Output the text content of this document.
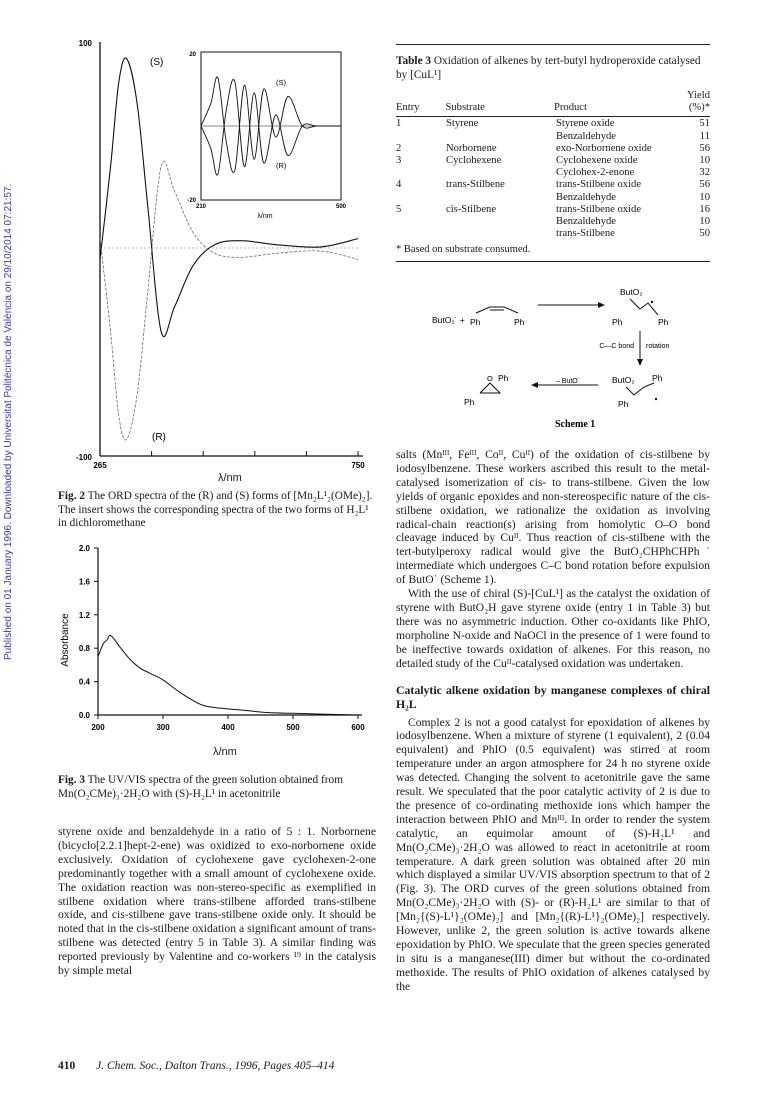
Published on 01 January 1996. Downloaded by Universitat Politècnica de València on 29/10/2014 07:21:57.
100
-100
265	750
(S)
(R)
20
-20
210	500
λ/nm
(S)
(R)
λ/nm
Fig. 2 The ORD spectra of the (R) and (S) forms of [Mn₂L¹₂(OMe)₂]. The insert shows the corresponding spectra of the two forms of H₂L¹ in dichloromethane
2.0
1.6
1.2
0.8
0.4
0.0
200	300	400	500	600
Absorbance
λ/nm
Fig. 3 The UV/VIS spectra of the green solution obtained from Mn(O₂CMe)₃·2H₂O with (S)-H₂L¹ in acetonitrile

styrene oxide and benzaldehyde in a ratio of 5 : 1. Norbornene (bicyclo[2.2.1]hept-2-ene) was oxidized to exo-norbornene oxide exclusively. Oxidation of cyclohexene gave cyclohexen-2-one predominantly together with a small amount of cyclohexene oxide. The oxidation reaction was non-stereo-specific as exemplified in stilbene oxidation where trans-stilbene afforded trans-stilbene oxide, and cis-stilbene gave trans-stilbene oxide only. It should be noted that in the cis-stilbene oxidation a significant amount of trans-stilbene was detected (entry 5 in Table 3). A similar finding was reported previously by Valentine and co-workers ¹⁹ in the catalysis by simple metal

Table 3 Oxidation of alkenes by tert-butyl hydroperoxide catalysed by [CuL¹]
Entry	Substrate	Product	Yield (%)*
1	Styrene	Styrene oxide	51
		Benzaldehyde	11
2	Norbornene	exo-Norbornene oxide	56
3	Cyclohexene	Cyclohexene oxide	10
		Cyclohex-2-enone	32
4	trans-Stilbene	trans-Stilbene oxide	56
		Benzaldehyde	10
5	cis-Stilbene	trans-Stilbene oxide	16
		Benzaldehyde	10
		trans-Stilbene	50
* Based on substrate consumed.
ButO₂˙ + Ph	Ph
ButO₂
Ph	Ph
C—C bond rotation
O Ph
Ph
– ButO˙	ButO₂ Ph
Ph
Scheme 1

salts (Mnᴵᴵᴵ, Feᴵᴵᴵ, Coᴵᴵ, Cuᴵᴵ) of the oxidation of cis-stilbene by iodosylbenzene. These workers ascribed this result to the metal-catalysed isomerization of cis- to trans-stilbene. Given the low yields of organic epoxides and non-stereospecific nature of the cis-stilbene oxidation, we rationalize the oxidation as involving radical-chain reaction(s) arising from homolytic O–O bond cleavage induced by Cuᴵᴵ. Thus reaction of cis-stilbene with the tert-butylperoxy radical would give the ButO₂CHPhCHPh˙ intermediate which undergoes C–C bond rotation before expulsion of ButO˙ (Scheme 1).

With the use of chiral (S)-[CuL¹] as the catalyst the oxidation of styrene with ButO₂H gave styrene oxide (entry 1 in Table 3) but there was no asymmetric induction. Other co-oxidants like PhIO, morpholine N-oxide and NaOCl in the presence of 1 were found to be ineffective towards oxidation of alkenes. For this reason, no detailed study of the Cuᴵᴵ-catalysed oxidation was undertaken.

Catalytic alkene oxidation by manganese complexes of chiral H₂L

Complex 2 is not a good catalyst for epoxidation of alkenes by iodosylbenzene. When a mixture of styrene (1 equivalent), 2 (0.04 equivalent) and PhIO (0.5 equivalent) was stirred at room temperature under an argon atmosphere for 24 h no styrene oxide was detected. Changing the solvent to acetonitrile gave the same result. We speculated that the poor catalytic activity of 2 is due to the presence of co-ordinating methoxide ions which hamper the interaction between PhIO and Mnᴵᴵᴵ. In order to render the system catalytic, an equimolar amount of (S)-H₂L¹ and Mn(O₂CMe)₃·2H₂O was allowed to react in acetonitrile at room temperature. A dark green solution was obtained after 20 min which displayed a similar UV/VIS absorption spectrum to that of 2 (Fig. 3). The ORD curves of the green solutions obtained from Mn(O₂CMe)₃·2H₂O with (S)- or (R)-H₂L¹ are similar to that of [Mn₂{(S)-L¹}₂(OMe)₂] and [Mn₂{(R)-L¹}₂(OMe)₂] respectively. However, unlike 2, the green solution is active towards alkene epoxidation by PhIO. We speculate that the green species generated in situ is a manganese(III) dimer but without the co-ordinated methoxide. The results of PhIO oxidation of alkenes catalysed by the

410 J. Chem. Soc., Dalton Trans., 1996, Pages 405–414
